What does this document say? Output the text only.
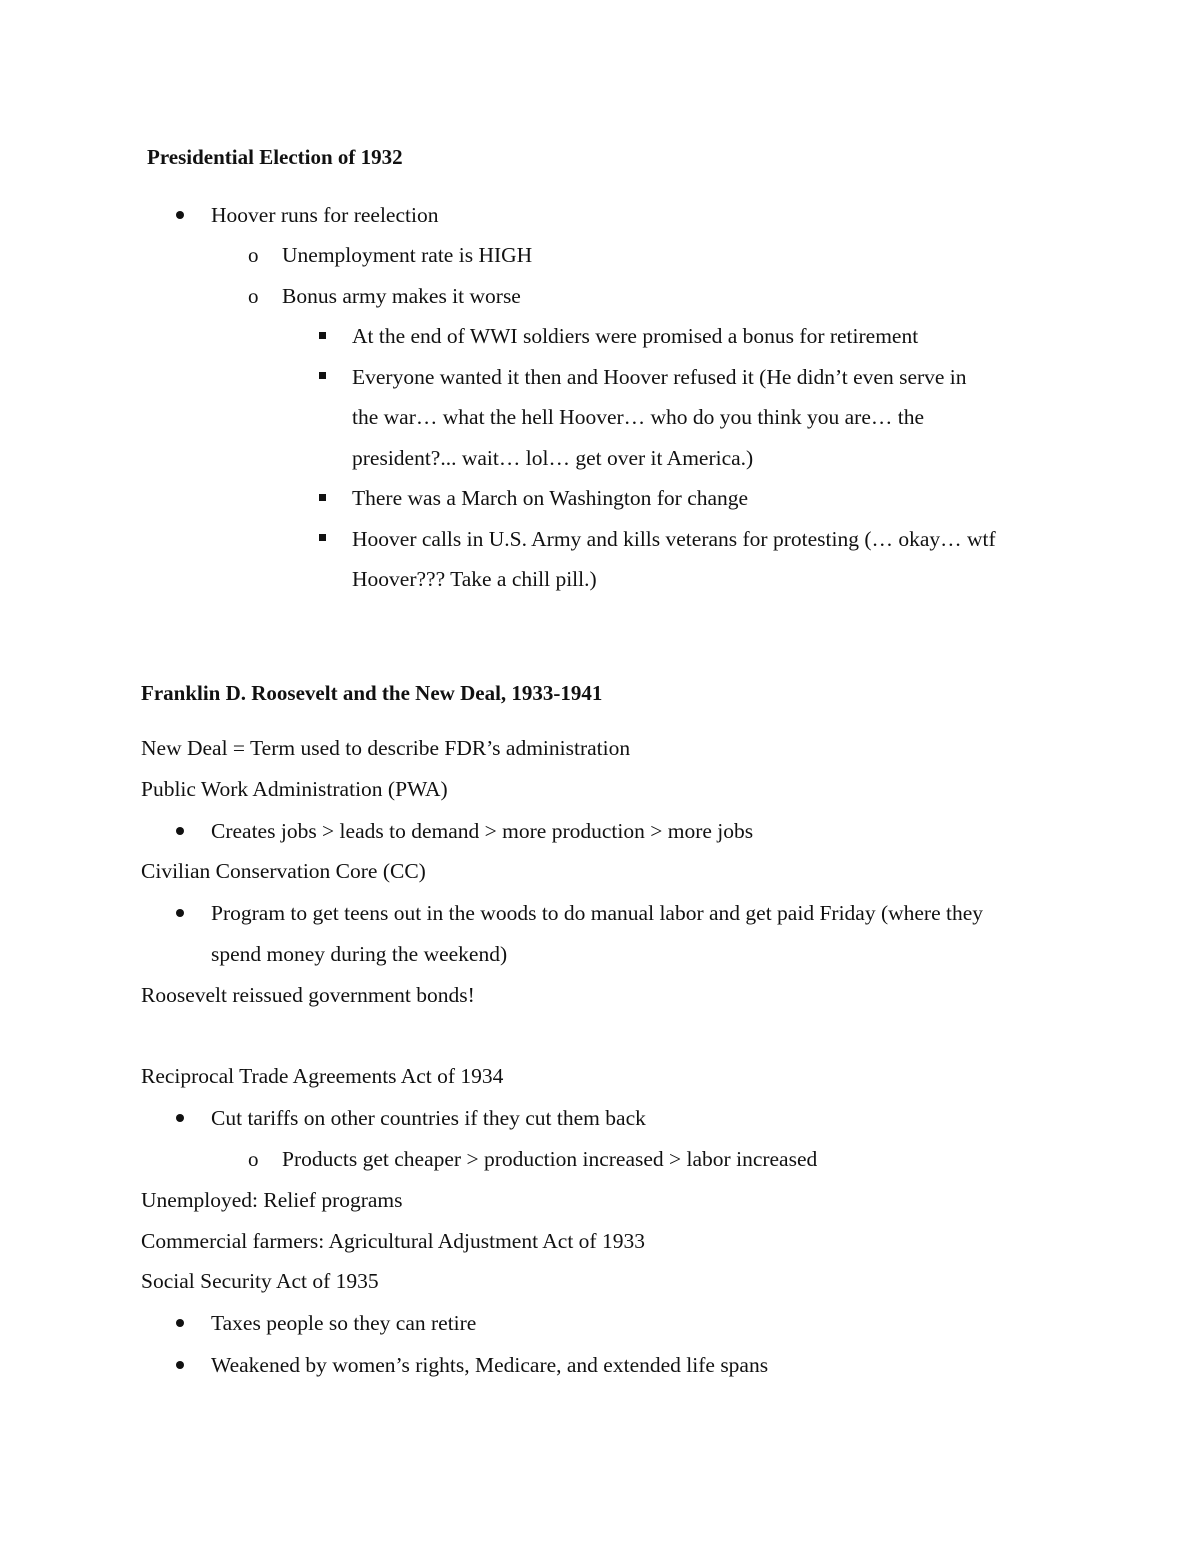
Presidential Election of 1932
Hoover runs for reelection
o Unemployment rate is HIGH
o Bonus army makes it worse
At the end of WWI soldiers were promised a bonus for retirement
Everyone wanted it then and Hoover refused it (He didn’t even serve in
the war… what the hell Hoover… who do you think you are… the
president?... wait… lol… get over it America.)
There was a March on Washington for change
Hoover calls in U.S. Army and kills veterans for protesting (… okay… wtf
Hoover??? Take a chill pill.)
Franklin D. Roosevelt and the New Deal, 1933-1941
New Deal = Term used to describe FDR’s administration
Public Work Administration (PWA)
Creates jobs > leads to demand > more production > more jobs
Civilian Conservation Core (CC)
Program to get teens out in the woods to do manual labor and get paid Friday (where they
spend money during the weekend)
Roosevelt reissued government bonds!
Reciprocal Trade Agreements Act of 1934
Cut tariffs on other countries if they cut them back
o Products get cheaper > production increased > labor increased
Unemployed: Relief programs
Commercial farmers: Agricultural Adjustment Act of 1933
Social Security Act of 1935
Taxes people so they can retire
Weakened by women’s rights, Medicare, and extended life spans
